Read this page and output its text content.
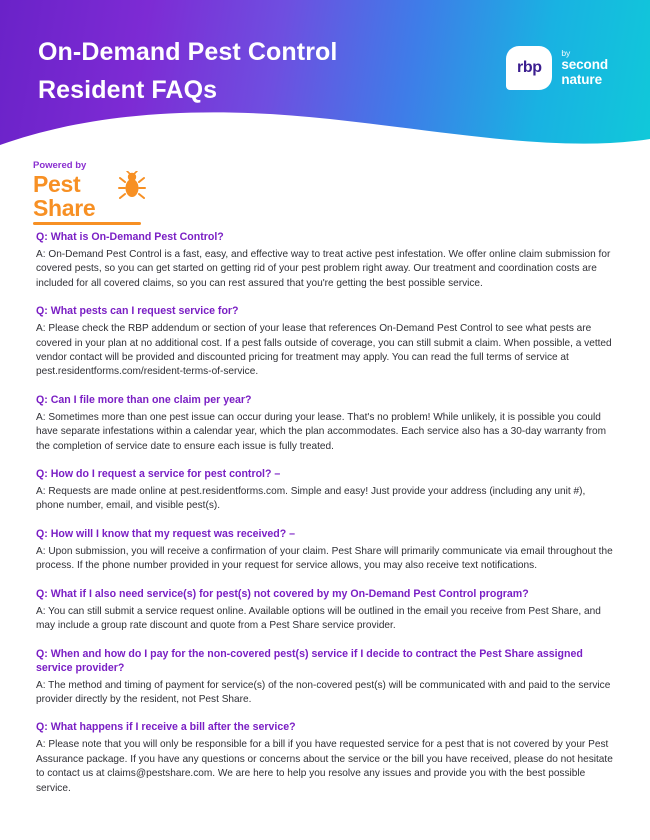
On-Demand Pest Control
Resident FAQs
rbp
by
second
nature
Powered by
Pest
Share
Q: What is On-Demand Pest Control?
A: On-Demand Pest Control is a fast, easy, and effective way to treat active pest infestation. We offer online claim submission for covered pests, so you can get started on getting rid of your pest problem right away. Our treatment and coordination costs are included for all covered claims, so you can rest assured that you're getting the best possible service.
Q: What pests can I request service for?
A: Please check the RBP addendum or section of your lease that references On-Demand Pest Control to see what pests are covered in your plan at no additional cost. If a pest falls outside of coverage, you can still submit a claim. When possible, a vetted vendor contact will be provided and discounted pricing for treatment may apply. You can read the full terms of service at pest.residentforms.com/resident-terms-of-service.
Q: Can I file more than one claim per year?
A: Sometimes more than one pest issue can occur during your lease. That's no problem! While unlikely, it is possible you could have separate infestations within a calendar year, which the plan accommodates. Each service also has a 30-day warranty from the completion of service date to ensure each issue is fully treated.
Q: How do I request a service for pest control? –
A: Requests are made online at pest.residentforms.com. Simple and easy! Just provide your address (including any unit #), phone number, email, and visible pest(s).
Q: How will I know that my request was received? –
A: Upon submission, you will receive a confirmation of your claim. Pest Share will primarily communicate via email throughout the process. If the phone number provided in your request for service allows, you may also receive text notifications.
Q: What if I also need service(s) for pest(s) not covered by my On-Demand Pest Control program?
A: You can still submit a service request online. Available options will be outlined in the email you receive from Pest Share, and may include a group rate discount and quote from a Pest Share service provider.
Q: When and how do I pay for the non-covered pest(s) service if I decide to contract the Pest Share assigned service provider?
A: The method and timing of payment for service(s) of the non-covered pest(s) will be communicated with and paid to the service provider directly by the resident, not Pest Share.
Q: What happens if I receive a bill after the service?
A: Please note that you will only be responsible for a bill if you have requested service for a pest that is not covered by your Pest Assurance package. If you have any questions or concerns about the service or the bill you have received, please do not hesitate to contact us at claims@pestshare.com. We are here to help you resolve any issues and provide you with the best possible service.
